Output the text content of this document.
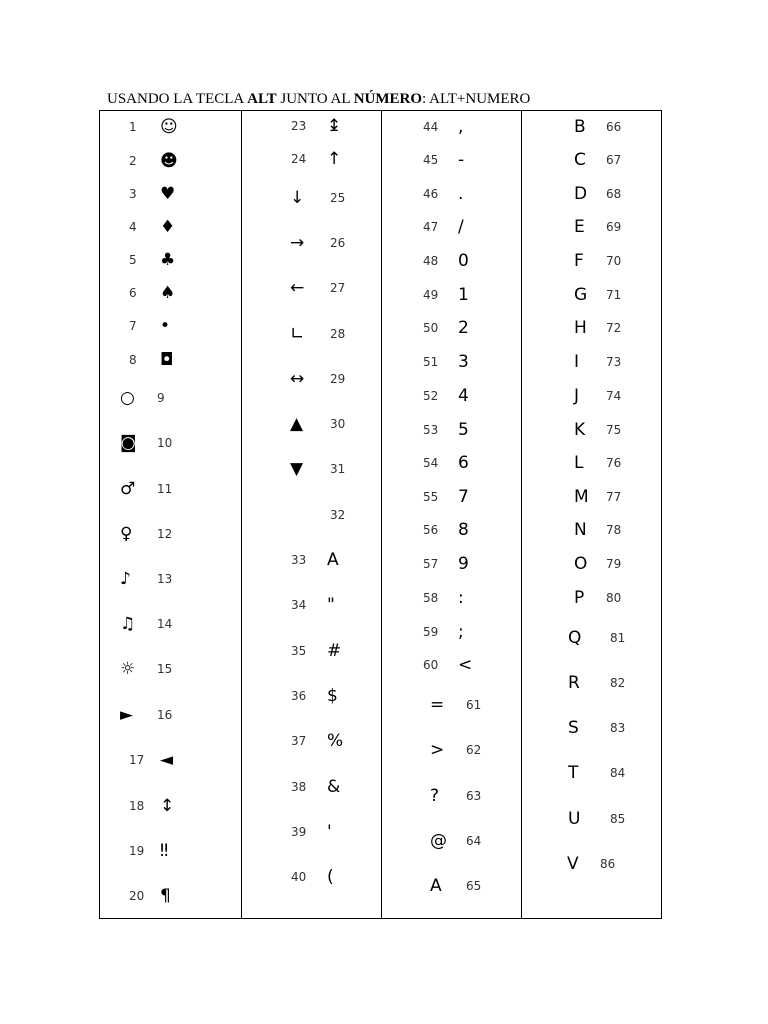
USANDO LA TECLA ALT JUNTO AL NÚMERO: ALT+NUMERO
1 ☺
2 ☻
3 ♥
4 ♦
5 ♣
6 ♠
7 •
8 ◘
9
○
10
◙
11
♂
12
♀
13
♪
14
♫
15
☼
16
►
17 ◄
18 ↕
19 ‼
20 ¶
23 ↨
24 ↑
25
↓
26
→
27
←
28
∟
29
↔
30
▲
31
▼
32
33 A
34 "
35 #
36 $
37 %
38 &
39 '
40 (
44 ,
45 -
46 .
47 /
48 0
49 1
50 2
51 3
52 4
53 5
54 6
55 7
56 8
57 9
58 :
59 ;
60 <
61
=
62
>
63
?
64
@
65
A
66
B
67
C
68
D
69
E
70
F
71
G
72
H
73
I
74
J
75
K
76
L
77
M
78
N
79
O
80
P
81
Q
82
R
83
S
84
T
85
U
86
V
